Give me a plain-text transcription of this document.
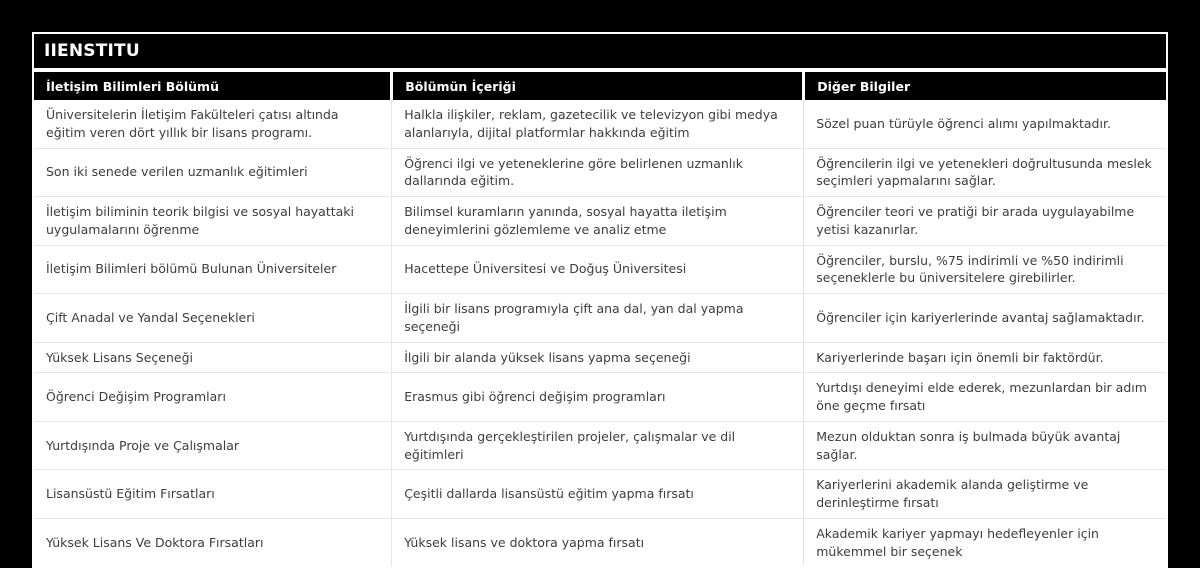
IIENSTITU
İletişim Bilimleri Bölümü	Bölümün İçeriği	Diğer Bilgiler
Üniversitelerin İletişim Fakülteleri çatısı altında eğitim veren dört yıllık bir lisans programı.	Halkla ilişkiler, reklam, gazetecilik ve televizyon gibi medya alanlarıyla, dijital platformlar hakkında eğitim	Sözel puan türüyle öğrenci alımı yapılmaktadır.
Son iki senede verilen uzmanlık eğitimleri	Öğrenci ilgi ve yeteneklerine göre belirlenen uzmanlık dallarında eğitim.	Öğrencilerin ilgi ve yetenekleri doğrultusunda meslek seçimleri yapmalarını sağlar.
İletişim biliminin teorik bilgisi ve sosyal hayattaki uygulamalarını öğrenme	Bilimsel kuramların yanında, sosyal hayatta iletişim deneyimlerini gözlemleme ve analiz etme	Öğrenciler teori ve pratiği bir arada uygulayabilme yetisi kazanırlar.
İletişim Bilimleri bölümü Bulunan Üniversiteler	Hacettepe Üniversitesi ve Doğuş Üniversitesi	Öğrenciler, burslu, %75 indirimli ve %50 indirimli seçeneklerle bu üniversitelere girebilirler.
Çift Anadal ve Yandal Seçenekleri	İlgili bir lisans programıyla çift ana dal, yan dal yapma seçeneği	Öğrenciler için kariyerlerinde avantaj sağlamaktadır.
Yüksek Lisans Seçeneği	İlgili bir alanda yüksek lisans yapma seçeneği	Kariyerlerinde başarı için önemli bir faktördür.
Öğrenci Değişim Programları	Erasmus gibi öğrenci değişim programları	Yurtdışı deneyimi elde ederek, mezunlardan bir adım öne geçme fırsatı
Yurtdışında Proje ve Çalışmalar	Yurtdışında gerçekleştirilen projeler, çalışmalar ve dil eğitimleri	Mezun olduktan sonra iş bulmada büyük avantaj sağlar.
Lisansüstü Eğitim Fırsatları	Çeşitli dallarda lisansüstü eğitim yapma fırsatı	Kariyerlerini akademik alanda geliştirme ve derinleştirme fırsatı
Yüksek Lisans Ve Doktora Fırsatları	Yüksek lisans ve doktora yapma fırsatı	Akademik kariyer yapmayı hedefleyenler için mükemmel bir seçenek
